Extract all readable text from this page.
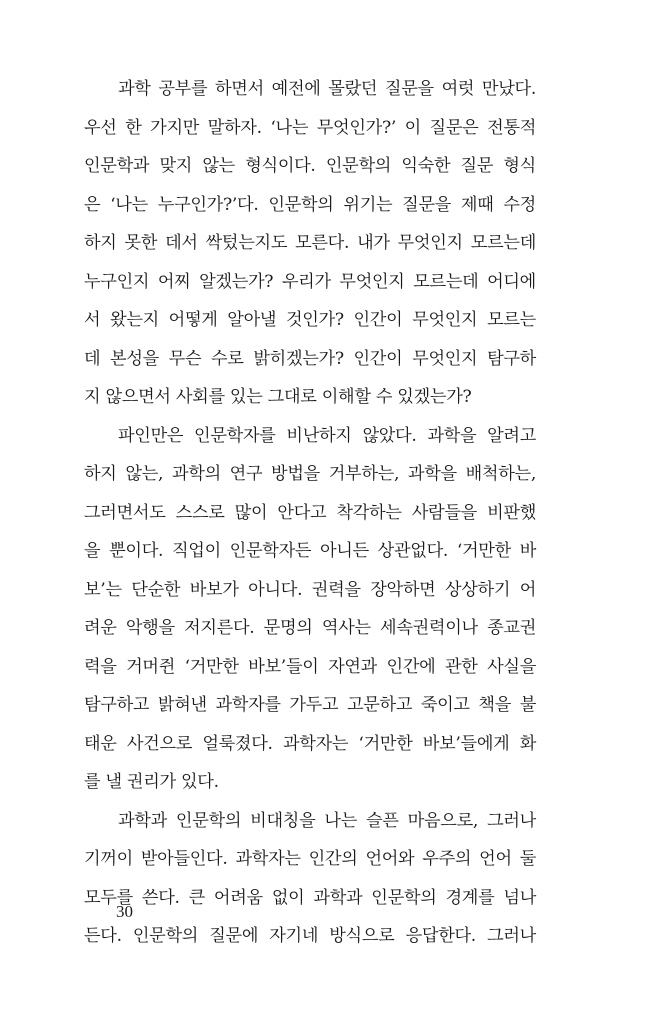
과학 공부를 하면서 예전에 몰랐던 질문을 여럿 만났다.
우선 한 가지만 말하자. ‘나는 무엇인가?’ 이 질문은 전통적
인문학과 맞지 않는 형식이다. 인문학의 익숙한 질문 형식
은 ‘나는 누구인가?’다. 인문학의 위기는 질문을 제때 수정
하지 못한 데서 싹텄는지도 모른다. 내가 무엇인지 모르는데
누구인지 어찌 알겠는가? 우리가 무엇인지 모르는데 어디에
서 왔는지 어떻게 알아낼 것인가? 인간이 무엇인지 모르는
데 본성을 무슨 수로 밝히겠는가? 인간이 무엇인지 탐구하
지 않으면서 사회를 있는 그대로 이해할 수 있겠는가?
파인만은 인문학자를 비난하지 않았다. 과학을 알려고
하지 않는, 과학의 연구 방법을 거부하는, 과학을 배척하는,
그러면서도 스스로 많이 안다고 착각하는 사람들을 비판했
을 뿐이다. 직업이 인문학자든 아니든 상관없다. ‘거만한 바
보’는 단순한 바보가 아니다. 권력을 장악하면 상상하기 어
려운 악행을 저지른다. 문명의 역사는 세속권력이나 종교권
력을 거머쥔 ‘거만한 바보’들이 자연과 인간에 관한 사실을
탐구하고 밝혀낸 과학자를 가두고 고문하고 죽이고 책을 불
태운 사건으로 얼룩졌다. 과학자는 ‘거만한 바보’들에게 화
를 낼 권리가 있다.
과학과 인문학의 비대칭을 나는 슬픈 마음으로, 그러나
기꺼이 받아들인다. 과학자는 인간의 언어와 우주의 언어 둘
모두를 쓴다. 큰 어려움 없이 과학과 인문학의 경계를 넘나
든다. 인문학의 질문에 자기네 방식으로 응답한다. 그러나
30
